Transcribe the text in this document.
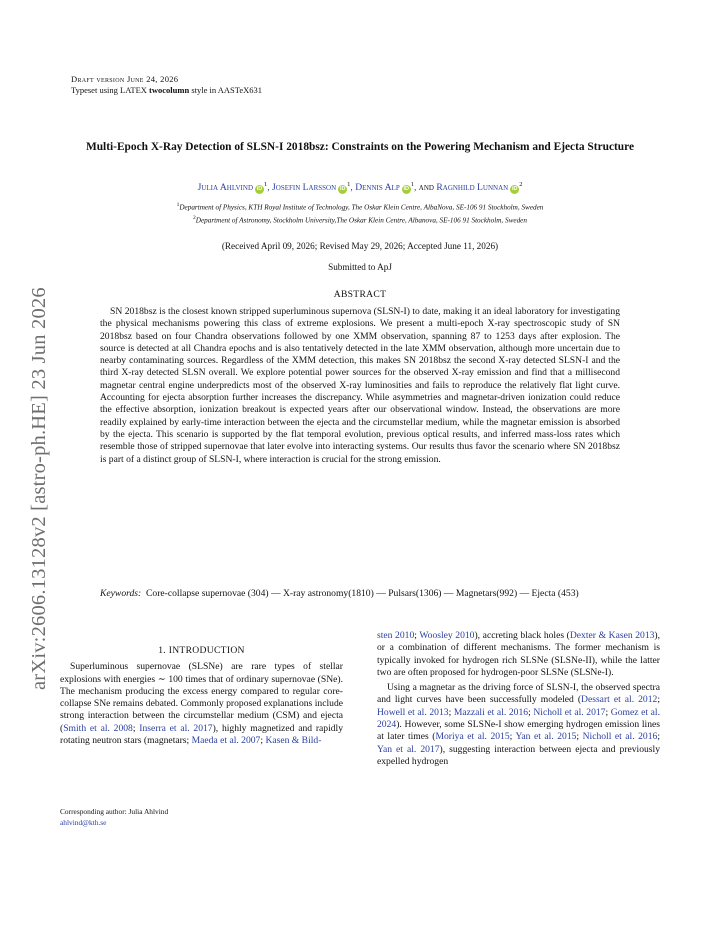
arXiv:2606.13128v2 [astro-ph.HE] 23 Jun 2026
Draft version June 24, 2026
Typeset using LATEX twocolumn style in AASTeX631
Multi-Epoch X-Ray Detection of SLSN-I 2018bsz: Constraints on the Powering Mechanism and Ejecta Structure
Julia Ahlvind $iD^1$, Josefin Larsson $iD^1$, Dennis Alp $iD^1$, and Ragnhild Lunnan $iD^2$
$^1$Department of Physics, KTH Royal Institute of Technology, The Oskar Klein Centre, AlbaNova, SE-106 91 Stockholm, Sweden
$^2$Department of Astronomy, Stockholm University,The Oskar Klein Centre, Albanova, SE-106 91 Stockholm, Sweden
(Received April 09, 2026; Revised May 29, 2026; Accepted June 11, 2026)
Submitted to ApJ
ABSTRACT
SN 2018bsz is the closest known stripped superluminous supernova (SLSN-I) to date, making it an ideal laboratory for investigating the physical mechanisms powering this class of extreme explosions. We present a multi-epoch X-ray spectroscopic study of SN 2018bsz based on four Chandra observations followed by one XMM observation, spanning 87 to 1253 days after explosion. The source is detected at all Chandra epochs and is also tentatively detected in the late XMM observation, although more uncertain due to nearby contaminating sources. Regardless of the XMM detection, this makes SN 2018bsz the second X-ray detected SLSN-I and the third X-ray detected SLSN overall. We explore potential power sources for the observed X-ray emission and find that a millisecond magnetar central engine underpredicts most of the observed X-ray luminosities and fails to reproduce the relatively flat light curve. Accounting for ejecta absorption further increases the discrepancy. While asymmetries and magnetar-driven ionization could reduce the effective absorption, ionization breakout is expected years after our observational window. Instead, the observations are more readily explained by early-time interaction between the ejecta and the circumstellar medium, while the magnetar emission is absorbed by the ejecta. This scenario is supported by the flat temporal evolution, previous optical results, and inferred mass-loss rates which resemble those of stripped supernovae that later evolve into interacting systems. Our results thus favor the scenario where SN 2018bsz is part of a distinct group of SLSN-I, where interaction is crucial for the strong emission.
Keywords: Core-collapse supernovae (304) — X-ray astronomy(1810) — Pulsars(1306) — Magnetars(992) — Ejecta (453)
1. INTRODUCTION

Superluminous supernovae (SLSNe) are rare types of stellar explosions with energies ∼ 100 times that of ordinary supernovae (SNe). The mechanism producing the excess energy compared to regular core-collapse SNe remains debated. Commonly proposed explanations include strong interaction between the circumstellar medium (CSM) and ejecta (Smith et al. 2008; Inserra et al. 2017), highly magnetized and rapidly rotating neutron stars (magnetars; Maeda et al. 2007; Kasen & Bild-

sten 2010; Woosley 2010), accreting black holes (Dexter & Kasen 2013), or a combination of different mechanisms. The former mechanism is typically invoked for hydrogen rich SLSNe (SLSNe-II), while the latter two are often proposed for hydrogen-poor SLSNe (SLSNe-I).

Using a magnetar as the driving force of SLSN-I, the observed spectra and light curves have been successfully modeled (Dessart et al. 2012; Howell et al. 2013; Mazzali et al. 2016; Nicholl et al. 2017; Gomez et al. 2024). However, some SLSNe-I show emerging hydrogen emission lines at later times (Moriya et al. 2015; Yan et al. 2015; Nicholl et al. 2016; Yan et al. 2017), suggesting interaction between ejecta and previously expelled hydrogen

Corresponding author: Julia Ahlvind
ahlvind@kth.se
